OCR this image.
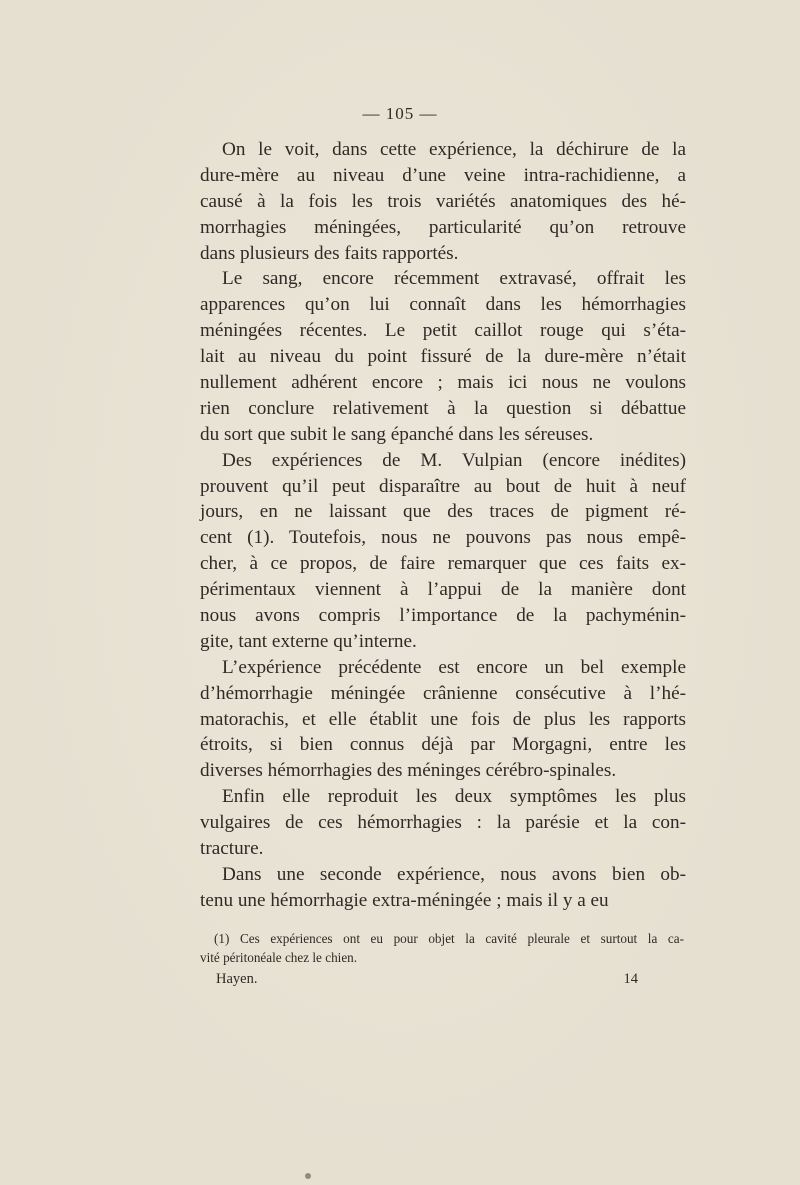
— 105 —
On le voit, dans cette expérience, la déchirure de la
dure-mère au niveau d’une veine intra-rachidienne, a
causé à la fois les trois variétés anatomiques des hé-
morrhagies méningées, particularité qu’on retrouve
dans plusieurs des faits rapportés.
Le sang, encore récemment extravasé, offrait les
apparences qu’on lui connaît dans les hémorrhagies
méningées récentes. Le petit caillot rouge qui s’éta-
lait au niveau du point fissuré de la dure-mère n’était
nullement adhérent encore ; mais ici nous ne voulons
rien conclure relativement à la question si débattue
du sort que subit le sang épanché dans les séreuses.
Des expériences de M. Vulpian (encore inédites)
prouvent qu’il peut disparaître au bout de huit à neuf
jours, en ne laissant que des traces de pigment ré-
cent (1). Toutefois, nous ne pouvons pas nous empê-
cher, à ce propos, de faire remarquer que ces faits ex-
périmentaux viennent à l’appui de la manière dont
nous avons compris l’importance de la pachyménin-
gite, tant externe qu’interne.
L’expérience précédente est encore un bel exemple
d’hémorrhagie méningée crânienne consécutive à l’hé-
matorachis, et elle établit une fois de plus les rapports
étroits, si bien connus déjà par Morgagni, entre les
diverses hémorrhagies des méninges cérébro-spinales.
Enfin elle reproduit les deux symptômes les plus
vulgaires de ces hémorrhagies : la parésie et la con-
tracture.
Dans une seconde expérience, nous avons bien ob-
tenu une hémorrhagie extra-méningée ; mais il y a eu
(1) Ces expériences ont eu pour objet la cavité pleurale et surtout la ca-
vité péritonéale chez le chien.
Hayen.	14
